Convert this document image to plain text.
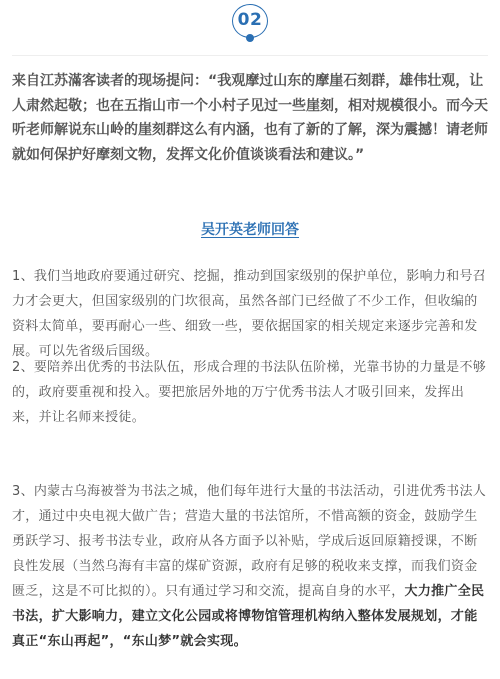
02

来自江苏滿客读者的现场提问：“我观摩过山东的摩崖石刻群，雄伟壮观，让人肃然起敬；也在五指山市一个小村子见过一些崖刻，相对规模很小。而今天听老师解说东山岭的崖刻群这么有内涵，也有了新的了解，深为震撼！请老师就如何保护好摩刻文物，发挥文化价值谈谈看法和建议。”

吴开英老师回答

1、我们当地政府要通过研究、挖掘，推动到国家级别的保护单位，影响力和号召力才会更大，但国家级别的门坎很高，虽然各部门已经做了不少工作，但收编的资料太简单，要再耐心一些、细致一些，要依据国家的相关规定来逐步完善和发展。可以先省级后国级。

2、要陪养出优秀的书法队伍，形成合理的书法队伍阶梯，光靠书协的力量是不够的，政府要重视和投入。要把旅居外地的万宁优秀书法人才吸引回来，发挥出来，并让名师来授徒。

3、内蒙古乌海被誉为书法之城，他们每年进行大量的书法活动，引进优秀书法人才，通过中央电视大做广告；营造大量的书法馆所，不惜高额的资金，鼓励学生勇跃学习、报考书法专业，政府从各方面予以补贴，学成后返回原籍授课，不断良性发展（当然乌海有丰富的煤矿资源，政府有足够的税收来支撑，而我们资金匮乏，这是不可比拟的）。只有通过学习和交流，提高自身的水平，大力推广全民书法，扩大影响力，建立文化公园或将博物馆管理机构纳入整体发展规划，才能真正“东山再起”，“东山梦”就会实现。
